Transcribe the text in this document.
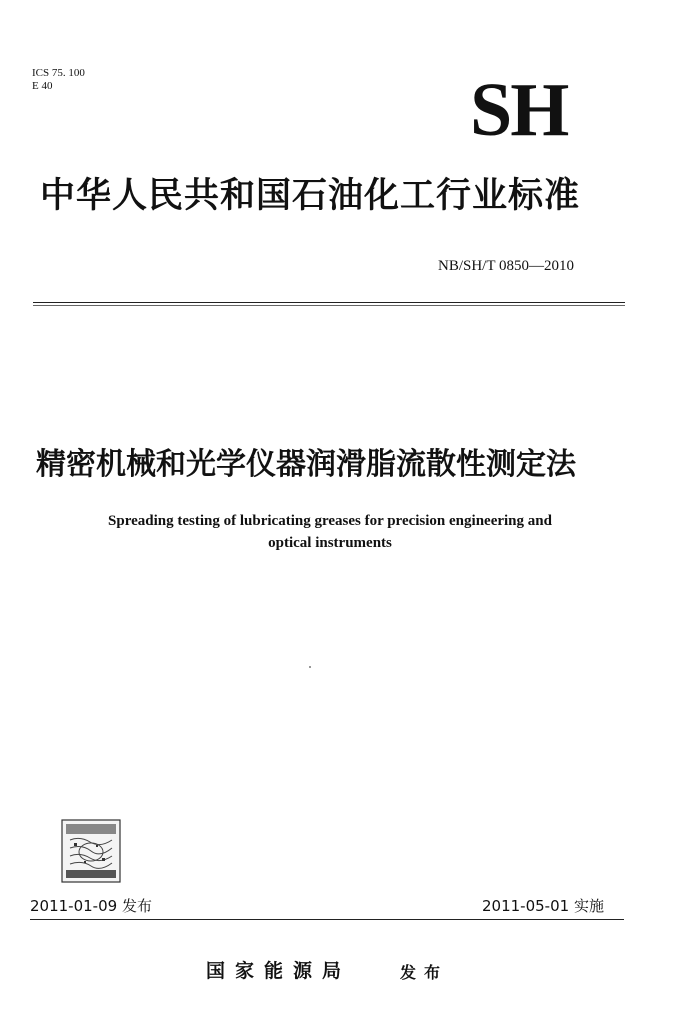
ICS 75. 100
E 40	SH
中华人民共和国石油化工行业标准
NB/SH/T 0850—2010
精密机械和光学仪器润滑脂流散性测定法
Spreading testing of lubricating greases for precision engineering and
optical instruments
2011-01-09 发布	2011-05-01 实施
国家能源局	发布
